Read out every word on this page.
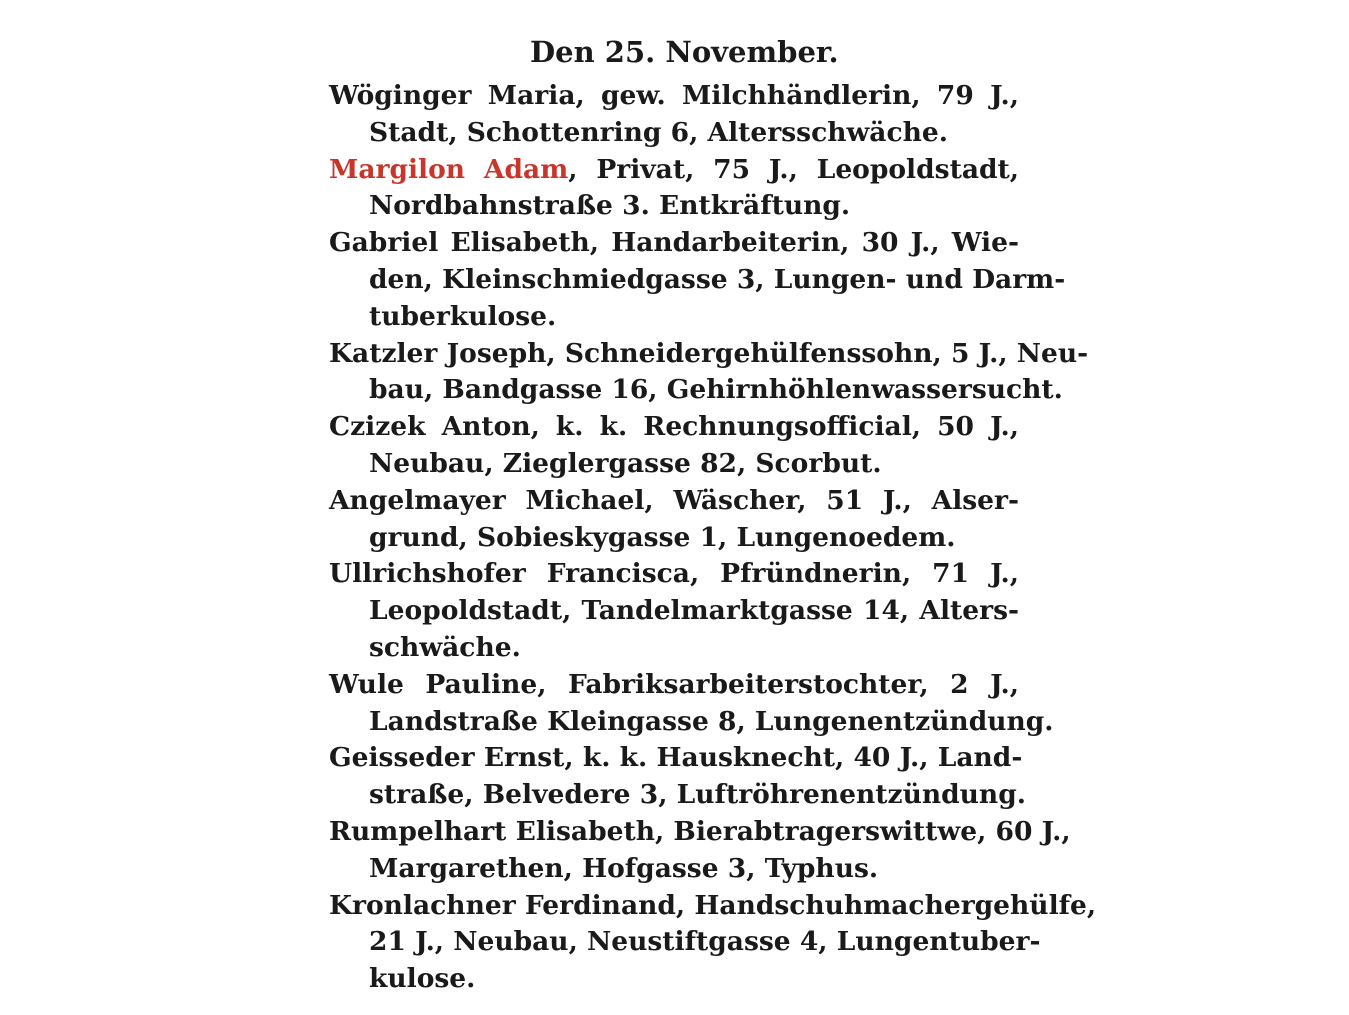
Den 25. November.
Wöginger Maria, gew. Milchhändlerin, 79 J.,
Stadt, Schottenring 6, Altersschwäche.
Margilon Adam, Privat, 75 J., Leopoldstadt,
Nordbahnstraße 3. Entkräftung.
Gabriel Elisabeth, Handarbeiterin, 30 J., Wie-
den, Kleinschmiedgasse 3, Lungen- und Darm-
tuberkulose.
Katzler Joseph, Schneidergehülfenssohn, 5 J., Neu-
bau, Bandgasse 16, Gehirnhöhlenwassersucht.
Czizek Anton, k. k. Rechnungsofficial, 50 J.,
Neubau, Zieglergasse 82, Scorbut.
Angelmayer Michael, Wäscher, 51 J., Alser-
grund, Sobieskygasse 1, Lungenoedem.
Ullrichshofer Francisca, Pfründnerin, 71 J.,
Leopoldstadt, Tandelmarktgasse 14, Alters-
schwäche.
Wule Pauline, Fabriksarbeiterstochter, 2 J.,
Landstraße Kleingasse 8, Lungenentzündung.
Geisseder Ernst, k. k. Hausknecht, 40 J., Land-
straße, Belvedere 3, Luftröhrenentzündung.
Rumpelhart Elisabeth, Bierabtragerswittwe, 60 J.,
Margarethen, Hofgasse 3, Typhus.
Kronlachner Ferdinand, Handschuhmachergehülfe,
21 J., Neubau, Neustiftgasse 4, Lungentuber-
kulose.
